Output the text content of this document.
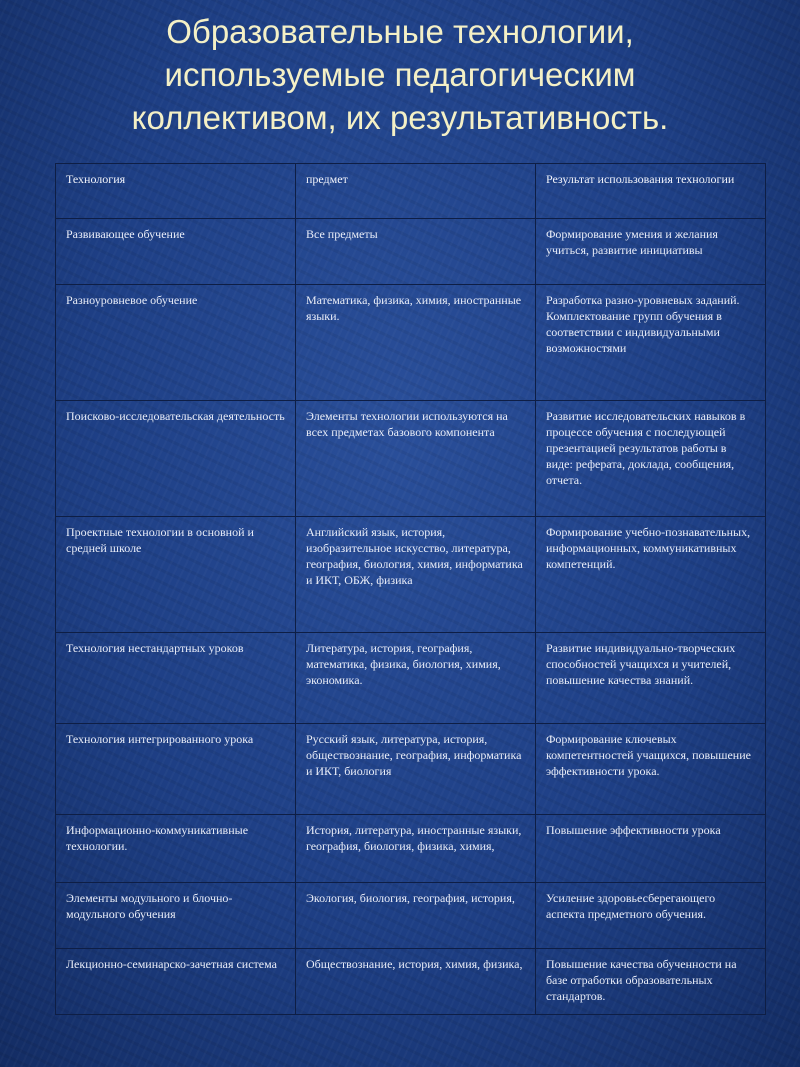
Образовательные технологии,
используемые педагогическим
коллективом, их результативность.
Технология	предмет	Результат использования технологии
Развивающее обучение	Все предметы	Формирование умения и желания учиться, развитие инициативы
Разноуровневое обучение	Математика, физика, химия, иностранные языки.	Разработка разно-уровневых заданий. Комплектование групп обучения в соответствии с индивидуальными возможностями
Поисково-исследовательская деятельность	Элементы технологии используются на всех предметах базового компонента	Развитие исследовательских навыков в процессе обучения с последующей презентацией результатов работы в виде: реферата, доклада, сообщения, отчета.
Проектные технологии в основной и средней школе	Английский язык, история, изобразительное искусство, литература, география, биология, химия, информатика и ИКТ, ОБЖ, физика	Формирование учебно-познавательных, информационных, коммуникативных компетенций.
Технология нестандартных уроков	Литература, история, география, математика, физика, биология, химия, экономика.	Развитие индивидуально-творческих способностей учащихся и учителей, повышение качества знаний.
Технология интегрированного урока	Русский язык, литература, история, обществознание, география, информатика и ИКТ, биология	Формирование ключевых компетентностей учащихся, повышение эффективности урока.
Информационно-коммуникативные технологии.	История, литература, иностранные языки, география, биология, физика, химия,	Повышение эффективности урока
Элементы модульного и блочно-модульного обучения	Экология, биология, география, история,	Усиление здоровьесберегающего аспекта предметного обучения.
Лекционно-семинарско-зачетная система	Обществознание, история, химия, физика,	Повышение качества обученности на базе отработки образовательных стандартов.
